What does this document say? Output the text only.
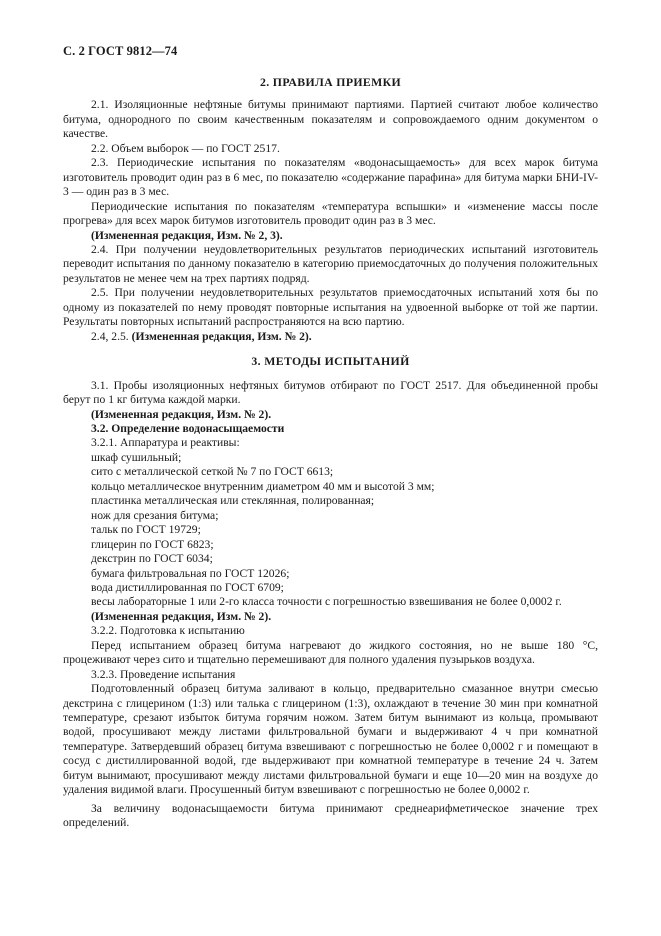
С. 2 ГОСТ 9812—74
2. ПРАВИЛА ПРИЕМКИ

2.1. Изоляционные нефтяные битумы принимают партиями. Партией считают любое количество битума, однородного по своим качественным показателям и сопровождаемого одним документом о качестве.

2.2. Объем выборок — по ГОСТ 2517.

2.3. Периодические испытания по показателям «водонасыщаемость» для всех марок битума изготовитель проводит один раз в 6 мес, по показателю «содержание парафина» для битума марки БНИ-IV-3 — один раз в 3 мес.

Периодические испытания по показателям «температура вспышки» и «изменение массы после прогрева» для всех марок битумов изготовитель проводит один раз в 3 мес.

(Измененная редакция, Изм. № 2, 3).

2.4. При получении неудовлетворительных результатов периодических испытаний изготовитель переводит испытания по данному показателю в категорию приемосдаточных до получения положительных результатов не менее чем на трех партиях подряд.

2.5. При получении неудовлетворительных результатов приемосдаточных испытаний хотя бы по одному из показателей по нему проводят повторные испытания на удвоенной выборке от той же партии. Результаты повторных испытаний распространяются на всю партию.

2.4, 2.5. (Измененная редакция, Изм. № 2).

3. МЕТОДЫ ИСПЫТАНИЙ

3.1. Пробы изоляционных нефтяных битумов отбирают по ГОСТ 2517. Для объединенной пробы берут по 1 кг битума каждой марки.

(Измененная редакция, Изм. № 2).

3.2. Определение водонасыщаемости

3.2.1. Аппаратура и реактивы:

шкаф сушильный;

сито с металлической сеткой № 7 по ГОСТ 6613;

кольцо металлическое внутренним диаметром 40 мм и высотой 3 мм;

пластинка металлическая или стеклянная, полированная;

нож для срезания битума;

тальк по ГОСТ 19729;

глицерин по ГОСТ 6823;

декстрин по ГОСТ 6034;

бумага фильтровальная по ГОСТ 12026;

вода дистиллированная по ГОСТ 6709;

весы лабораторные 1 или 2-го класса точности с погрешностью взвешивания не более 0,0002 г.

(Измененная редакция, Изм. № 2).

3.2.2. Подготовка к испытанию

Перед испытанием образец битума нагревают до жидкого состояния, но не выше 180 °С, процеживают через сито и тщательно перемешивают для полного удаления пузырьков воздуха.

3.2.3. Проведение испытания

Подготовленный образец битума заливают в кольцо, предварительно смазанное внутри смесью декстрина с глицерином (1:3) или талька с глицерином (1:3), охлаждают в течение 30 мин при комнатной температуре, срезают избыток битума горячим ножом. Затем битум вынимают из кольца, промывают водой, просушивают между листами фильтровальной бумаги и выдерживают 4 ч при комнатной температуре. Затвердевший образец битума взвешивают с погрешностью не более 0,0002 г и помещают в сосуд с дистиллированной водой, где выдерживают при комнатной температуре в течение 24 ч. Затем битум вынимают, просушивают между листами фильтровальной бумаги и еще 10—20 мин на воздухе до удаления видимой влаги. Просушенный битум взвешивают с погрешностью не более 0,0002 г.

За величину водонасыщаемости битума принимают среднеарифметическое значение трех определений.
